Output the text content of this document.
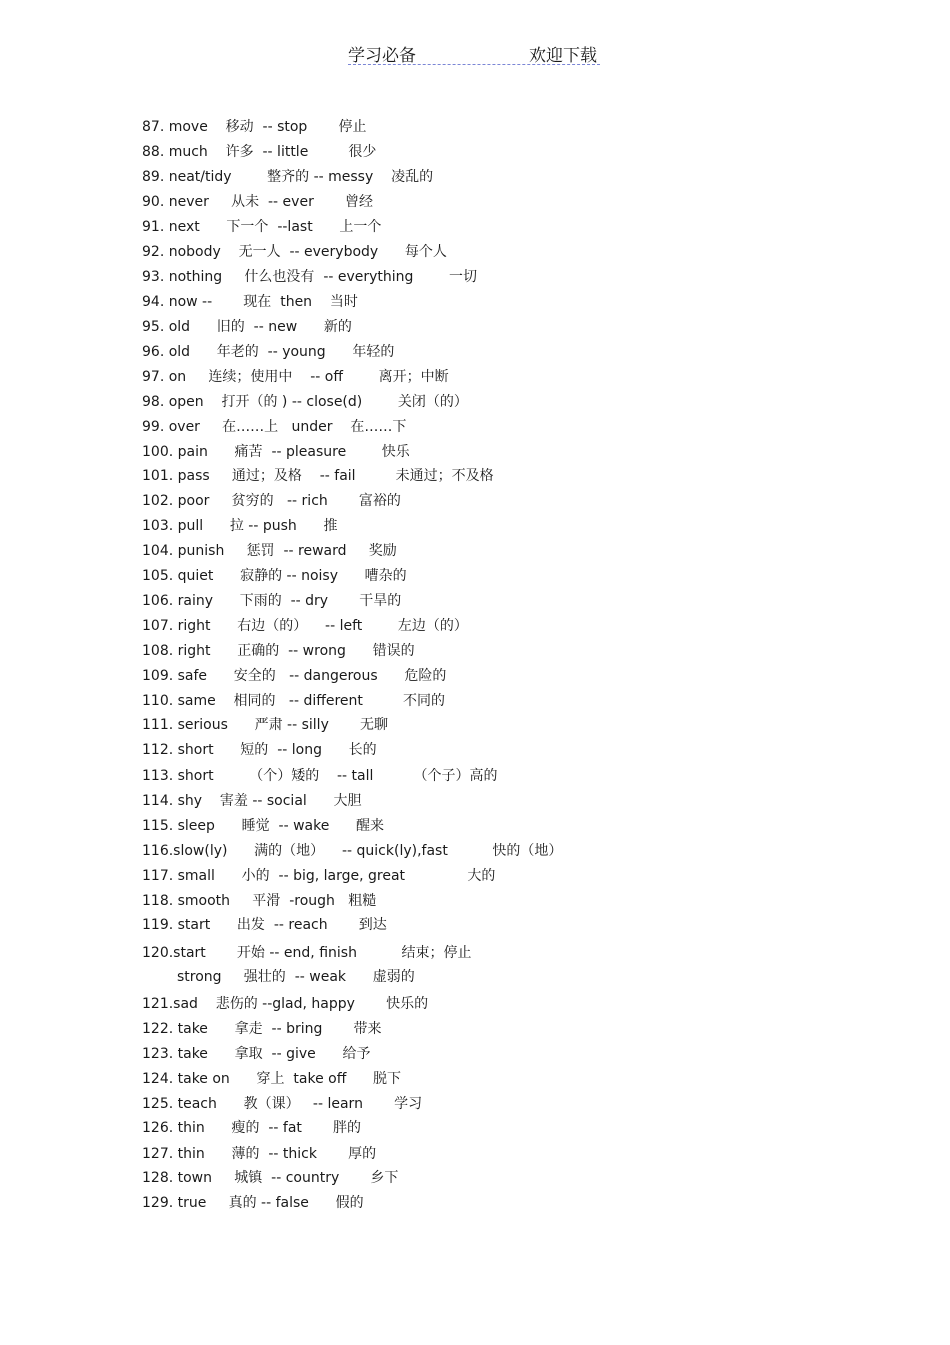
学习必备	欢迎下载
87. move    移动  -- stop       停止
88. much    许多  -- little         很少
89. neat/tidy        整齐的 -- messy    凌乱的
90. never     从未  -- ever       曾经
91. next      下一个  --last      上一个
92. nobody    无一人  -- everybody      每个人
93. nothing     什么也没有  -- everything        一切
94. now --       现在  then    当时
95. old      旧的  -- new      新的
96. old      年老的  -- young      年轻的
97. on     连续；使用中    -- off        离开；中断
98. open    打开（的 ) -- close(d)        关闭（的）
99. over     在……上   under    在……下
100. pain      痛苦  -- pleasure        快乐
101. pass     通过；及格    -- fail         未通过；不及格
102. poor     贫穷的   -- rich       富裕的
103. pull      拉 -- push      推
104. punish     惩罚  -- reward     奖励
105. quiet      寂静的 -- noisy      嘈杂的
106. rainy      下雨的  -- dry       干旱的
107. right      右边（的）    -- left        左边（的）
108. right      正确的  -- wrong      错误的
109. safe      安全的   -- dangerous      危险的
110. same    相同的   -- different         不同的
111. serious      严肃 -- silly       无聊
112. short      短的  -- long      长的
113. short        （个）矮的    -- tall         （个子）高的
114. shy    害羞 -- social      大胆
115. sleep      睡觉  -- wake      醒来
116.slow(ly)      满的（地）    -- quick(ly),fast          快的（地）
117. small      小的  -- big, large, great              大的
118. smooth     平滑  -rough   粗糙
119. start      出发  -- reach       到达
120.start       开始 -- end, finish          结束；停止
strong     强壮的  -- weak      虚弱的
121.sad    悲伤的 --glad, happy       快乐的
122. take      拿走  -- bring       带来
123. take      拿取  -- give      给予
124. take on      穿上  take off      脱下
125. teach      教（课）   -- learn       学习
126. thin      瘦的  -- fat       胖的
127. thin      薄的  -- thick       厚的
128. town     城镇  -- country       乡下
129. true     真的 -- false      假的
